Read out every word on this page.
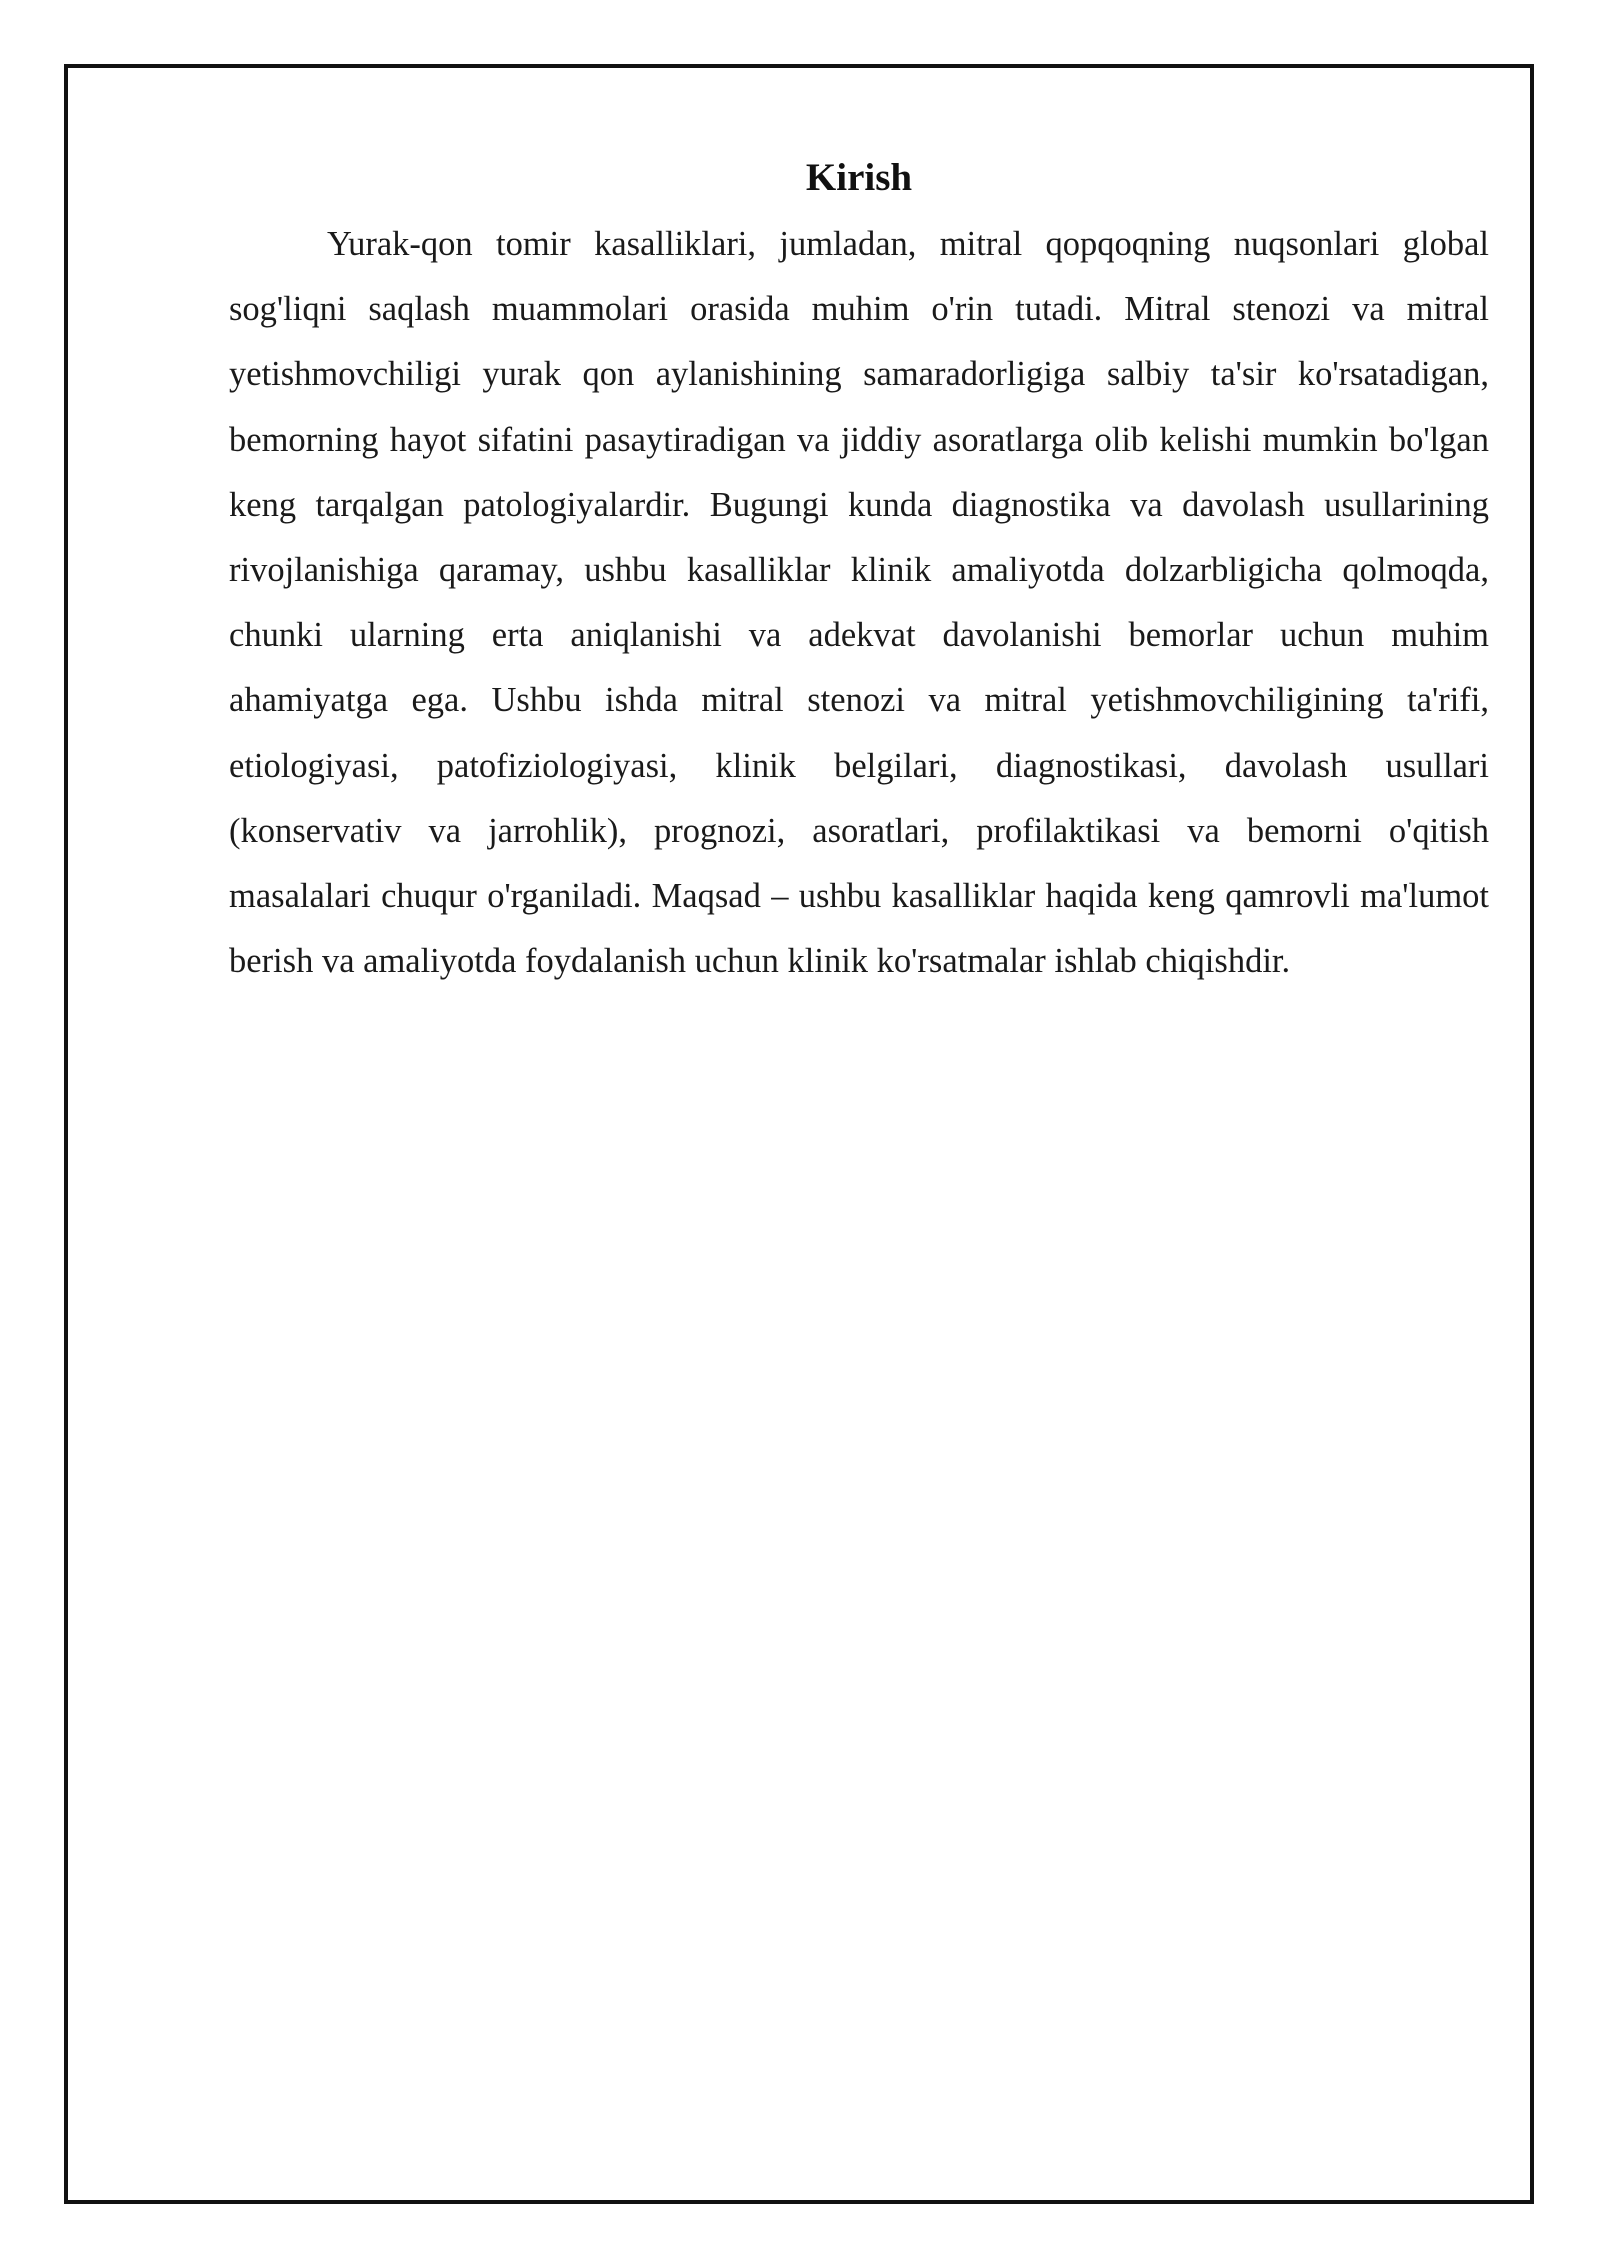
Kirish

Yurak-qon tomir kasalliklari, jumladan, mitral qopqoqning nuqsonlari global sog'liqni saqlash muammolari orasida muhim o'rin tutadi. Mitral stenozi va mitral yetishmovchiligi yurak qon aylanishining samaradorligiga salbiy ta'sir ko'rsatadigan, bemorning hayot sifatini pasaytiradigan va jiddiy asoratlarga olib kelishi mumkin bo'lgan keng tarqalgan patologiyalardir. Bugungi kunda diagnostika va davolash usullarining rivojlanishiga qaramay, ushbu kasalliklar klinik amaliyotda dolzarbligicha qolmoqda, chunki ularning erta aniqlanishi va adekvat davolanishi bemorlar uchun muhim ahamiyatga ega. Ushbu ishda mitral stenozi va mitral yetishmovchiligining ta'rifi, etiologiyasi, patofiziologiyasi, klinik belgilari, diagnostikasi, davolash usullari (konservativ va jarrohlik), prognozi, asoratlari, profilaktikasi va bemorni o'qitish masalalari chuqur o'rganiladi. Maqsad – ushbu kasalliklar haqida keng qamrovli ma'lumot berish va amaliyotda foydalanish uchun klinik ko'rsatmalar ishlab chiqishdir.
